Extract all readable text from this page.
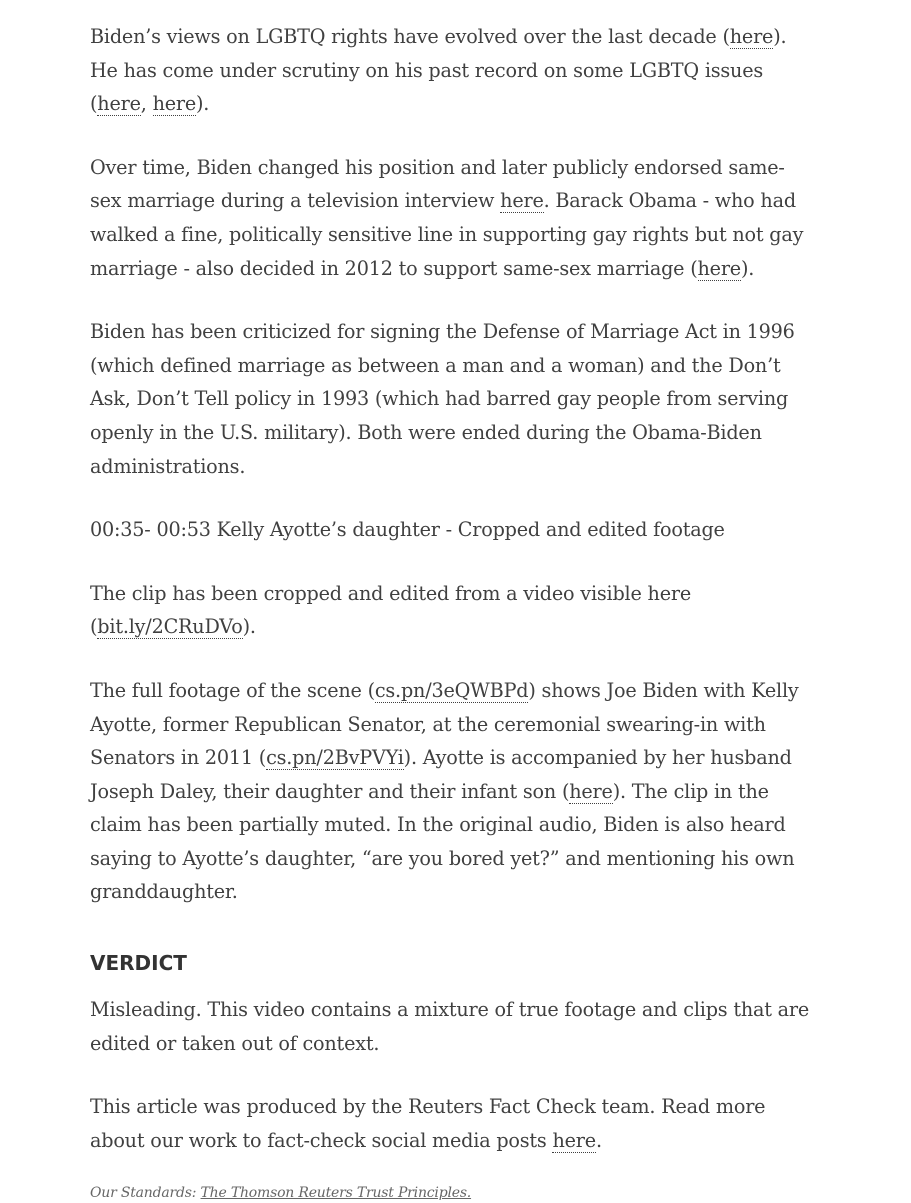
Biden’s views on LGBTQ rights have evolved over the last decade (here). He has come under scrutiny on his past record on some LGBTQ issues (here, here).

Over time, Biden changed his position and later publicly endorsed same-sex marriage during a television interview here. Barack Obama - who had walked a fine, politically sensitive line in supporting gay rights but not gay marriage - also decided in 2012 to support same-sex marriage (here).

Biden has been criticized for signing the Defense of Marriage Act in 1996 (which defined marriage as between a man and a woman) and the Don’t Ask, Don’t Tell policy in 1993 (which had barred gay people from serving openly in the U.S. military). Both were ended during the Obama-Biden administrations.

00:35- 00:53 Kelly Ayotte’s daughter - Cropped and edited footage

The clip has been cropped and edited from a video visible here (bit.ly/2CRuDVo).

The full footage of the scene (cs.pn/3eQWBPd) shows Joe Biden with Kelly Ayotte, former Republican Senator, at the ceremonial swearing-in with Senators in 2011 (cs.pn/2BvPVYi). Ayotte is accompanied by her husband Joseph Daley, their daughter and their infant son (here). The clip in the claim has been partially muted. In the original audio, Biden is also heard saying to Ayotte’s daughter, “are you bored yet?” and mentioning his own granddaughter.

VERDICT

Misleading. This video contains a mixture of true footage and clips that are edited or taken out of context.

This article was produced by the Reuters Fact Check team. Read more about our work to fact-check social media posts here.

Our Standards: The Thomson Reuters Trust Principles.
